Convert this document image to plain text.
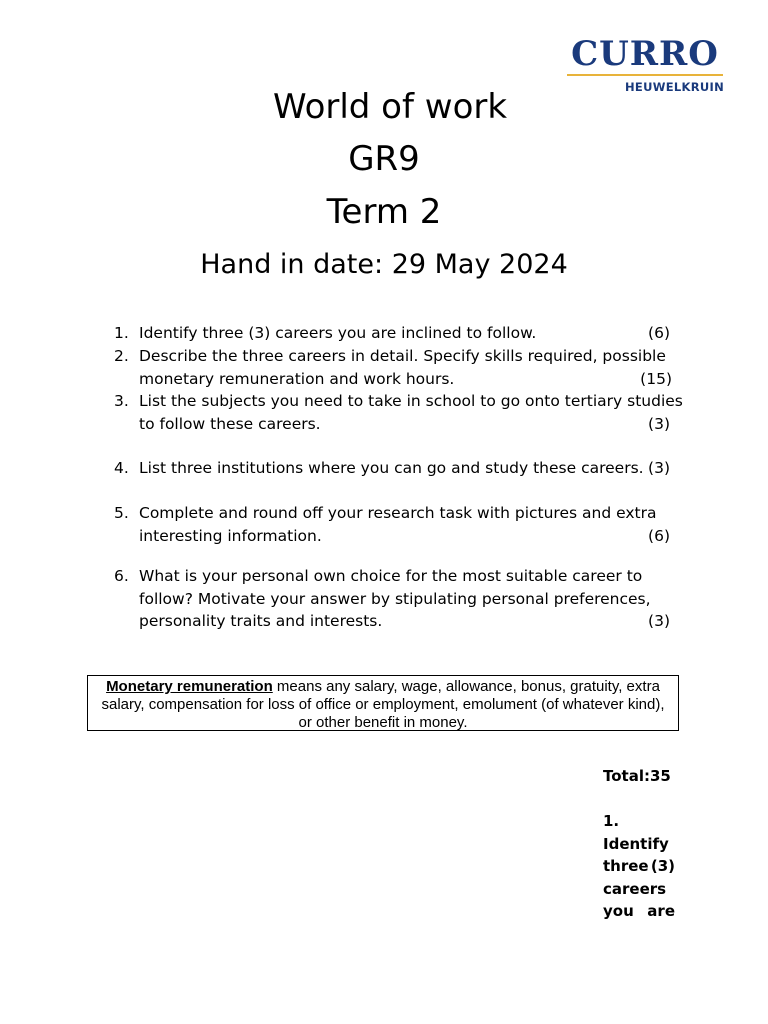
CURRO
HEUWELKRUIN
World of work
GR9
Term 2
Hand in date: 29 May 2024
1. Identify three (3) careers you are inclined to follow.	(6)
2. Describe the three careers in detail. Specify skills required, possible
monetary remuneration and work hours.	(15)
3. List the subjects you need to take in school to go onto tertiary studies
to follow these careers.	(3)
4. List three institutions where you can go and study these careers. (3)
5. Complete and round off your research task with pictures and extra
interesting information.	(6)
6. What is your personal own choice for the most suitable career to
follow? Motivate your answer by stipulating personal preferences,
personality traits and interests.	(3)
Monetary remuneration means any salary, wage, allowance, bonus, gratuity, extra
salary, compensation for loss of office or employment, emolument (of whatever kind),
or other benefit in money.
Total:35
1.
Identify
three (3)
careers
you are
